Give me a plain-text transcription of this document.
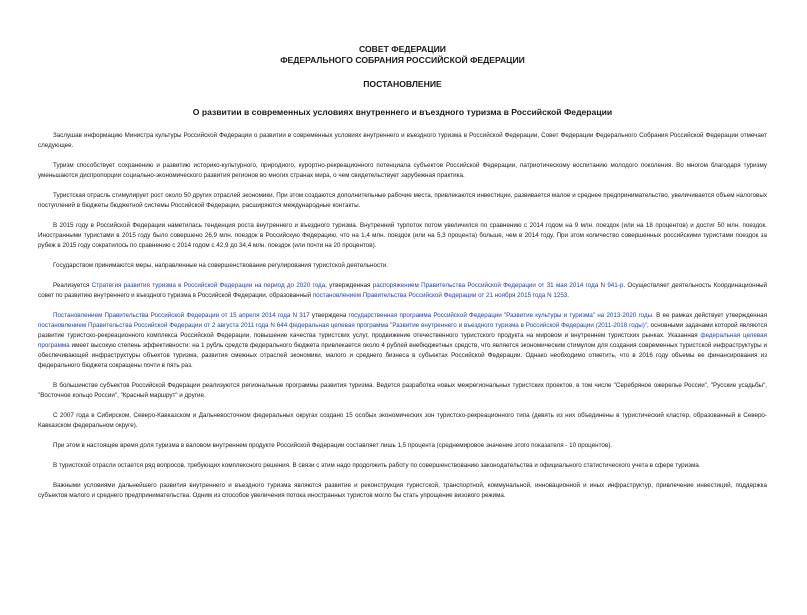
СОВЕТ ФЕДЕРАЦИИ
ФЕДЕРАЛЬНОГО СОБРАНИЯ РОССИЙСКОЙ ФЕДЕРАЦИИ
ПОСТАНОВЛЕНИЕ
О развитии в современных условиях внутреннего и въездного туризма в Российской Федерации

Заслушав информацию Министра культуры Российской Федерации о развитии в современных условиях внутреннего и въездного туризма в Российской Федерации, Совет Федерации Федерального Собрания Российской Федерации отмечает следующее.

Туризм способствует сохранению и развитию историко-культурного, природного, курортно-рекреационного потенциала субъектов Российской Федерации, патриотическому воспитанию молодого поколения. Во многом благодаря туризму уменьшаются диспропорции социально-экономического развития регионов во многих странах мира, о чем свидетельствует зарубежная практика.

Туристская отрасль стимулирует рост около 50 других отраслей экономики. При этом создаются дополнительные рабочие места, привлекаются инвестиции, развивается малое и среднее предпринимательство, увеличивается объем налоговых поступлений в бюджеты бюджетной системы Российской Федерации, расширяются международные контакты.

В 2015 году в Российской Федерации наметилась тенденция роста внутреннего и въездного туризма. Внутренний турпоток потом увеличился по сравнению с 2014 годом на 9 млн. поездок (или на 18 процентов) и достиг 50 млн. поездок. Иностранными туристами в 2015 году было совершено 26,9 млн. поездок в Российскую Федерацию, что на 1,4 млн. поездок (или на 5,3 процента) больше, чем в 2014 году. При этом количество совершенных российскими туристами поездок за рубеж в 2015 году сократилось по сравнению с 2014 годом с 42,9 до 34,4 млн. поездок (или почти на 20 процентов).

Государством принимаются меры, направленные на совершенствование регулирования туристской деятельности.

Реализуется Стратегия развития туризма в Российской Федерации на период до 2020 года, утвержденная распоряжением Правительства Российской Федерации от 31 мая 2014 года N 941-р. Осуществляет деятельность Координационный совет по развитию внутреннего и въездного туризма в Российской Федерации, образованный постановлением Правительства Российской Федерации от 21 ноября 2015 года N 1253.

Постановлением Правительства Российской Федерации от 15 апреля 2014 года N 317 утверждена государственная программа Российской Федерации "Развитие культуры и туризма" на 2013-2020 годы. В ее рамках действует утвержденная постановлением Правительства Российской Федерации от 2 августа 2011 года N 644 федеральная целевая программа "Развитие внутреннего и въездного туризма в Российской Федерации (2011-2018 годы)", основными задачами которой являются развитие туристско-рекреационного комплекса Российской Федерации, повышение качества туристских услуг, продвижение отечественного туристского продукта на мировом и внутреннем туристских рынках. Указанная федеральная целевая программа имеет высокую степень эффективности: на 1 рубль средств федерального бюджета привлекается около 4 рублей внебюджетных средств, что является экономическим стимулом для создания современных туристской инфраструктуры и обеспечивающей инфраструктуры объектов туризма, развития смежных отраслей экономики, малого и среднего бизнеса в субъектах Российской Федерации. Однако необходимо отметить, что в 2016 году объемы ее финансирования из федерального бюджета сокращены почти в пять раз.

В большинстве субъектов Российской Федерации реализуются региональные программы развития туризма. Ведется разработка новых межрегиональных туристских проектов, в том числе "Серебряное ожерелье России", "Русские усадьбы", "Восточное кольцо России", "Красный маршрут" и другие.

С 2007 года в Сибирском, Северо-Кавказском и Дальневосточном федеральных округах создано 15 особых экономических зон туристско-рекреационного типа (девять из них объединены в туристический кластер, образованный в Северо-Кавказском федеральном округе).

При этом в настоящее время доля туризма в валовом внутреннем продукте Российской Федерации составляет лишь 1,5 процента (среднемировое значение этого показателя - 10 процентов).

В туристской отрасли остается ряд вопросов, требующих комплексного решения. В связи с этим надо продолжить работу по совершенствованию законодательства и официального статистического учета в сфере туризма.

Важными условиями дальнейшего развития внутреннего и въездного туризма являются развитие и реконструкция туристской, транспортной, коммунальной, инновационной и иных инфраструктур, привлечение инвестиций, поддержка субъектов малого и среднего предпринимательства. Одним из способов увеличения потока иностранных туристов могло бы стать упрощение визового режима.
